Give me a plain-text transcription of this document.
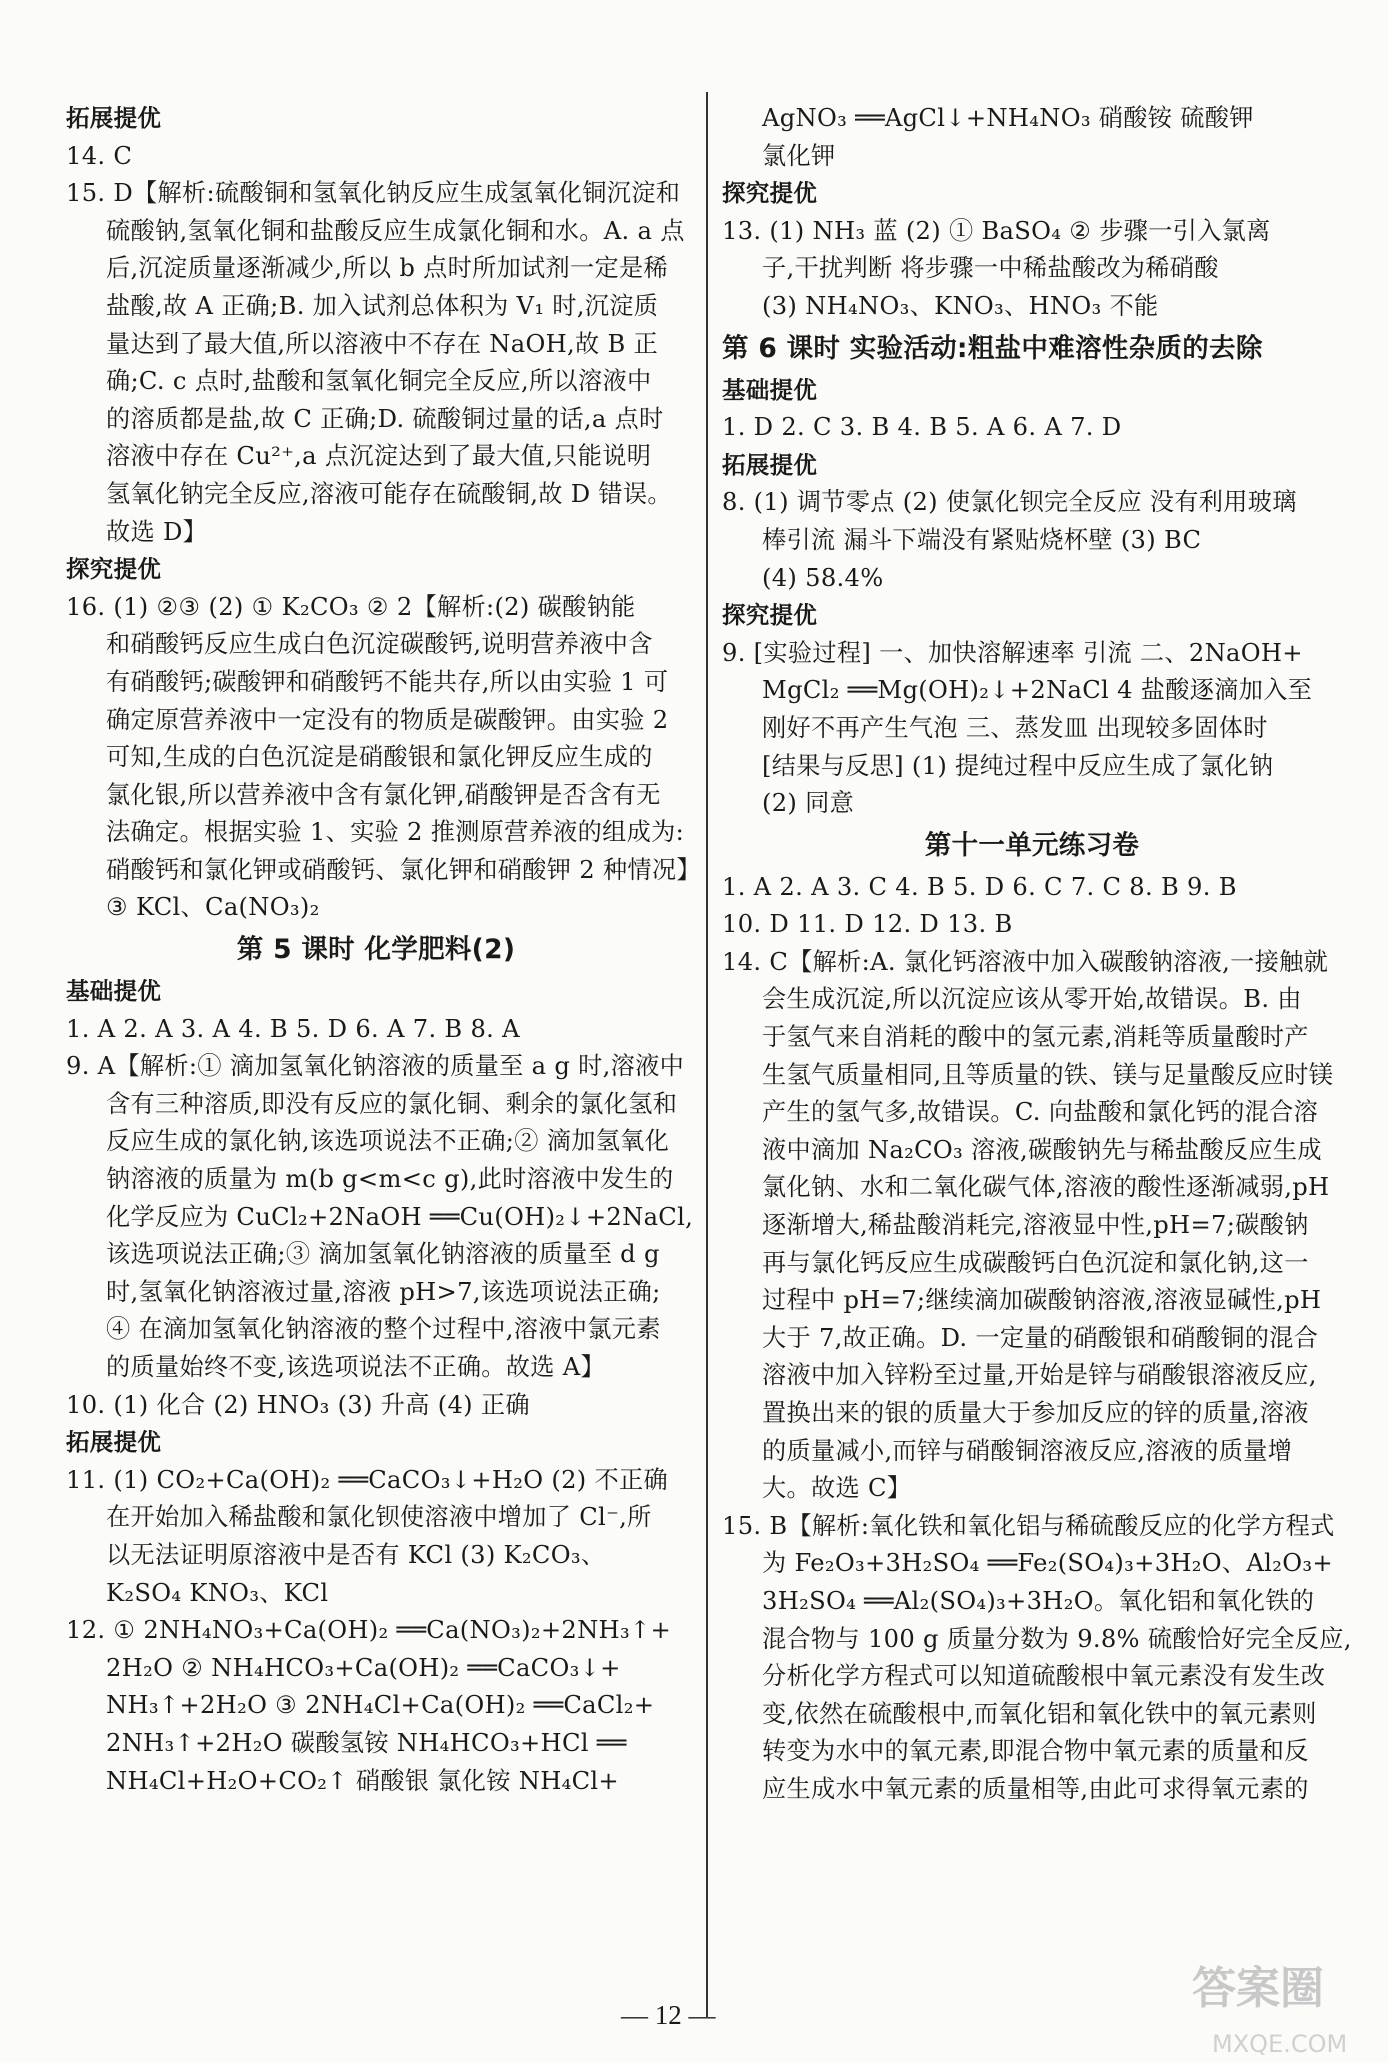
拓展提优
14. C
15. D【解析:硫酸铜和氢氧化钠反应生成氢氧化铜沉淀和
硫酸钠,氢氧化铜和盐酸反应生成氯化铜和水。A. a 点
后,沉淀质量逐渐减少,所以 b 点时所加试剂一定是稀
盐酸,故 A 正确;B. 加入试剂总体积为 V₁ 时,沉淀质
量达到了最大值,所以溶液中不存在 NaOH,故 B 正
确;C. c 点时,盐酸和氢氧化铜完全反应,所以溶液中
的溶质都是盐,故 C 正确;D. 硫酸铜过量的话,a 点时
溶液中存在 Cu²⁺,a 点沉淀达到了最大值,只能说明
氢氧化钠完全反应,溶液可能存在硫酸铜,故 D 错误。
故选 D】
探究提优
16. (1) ②③ (2) ① K₂CO₃ ② 2【解析:(2) 碳酸钠能
和硝酸钙反应生成白色沉淀碳酸钙,说明营养液中含
有硝酸钙;碳酸钾和硝酸钙不能共存,所以由实验 1 可
确定原营养液中一定没有的物质是碳酸钾。由实验 2
可知,生成的白色沉淀是硝酸银和氯化钾反应生成的
氯化银,所以营养液中含有氯化钾,硝酸钾是否含有无
法确定。根据实验 1、实验 2 推测原营养液的组成为:
硝酸钙和氯化钾或硝酸钙、氯化钾和硝酸钾 2 种情况】
③ KCl、Ca(NO₃)₂
第 5 课时 化学肥料(2)
基础提优
1. A 2. A 3. A 4. B 5. D 6. A 7. B 8. A
9. A【解析:① 滴加氢氧化钠溶液的质量至 a g 时,溶液中
含有三种溶质,即没有反应的氯化铜、剩余的氯化氢和
反应生成的氯化钠,该选项说法不正确;② 滴加氢氧化
钠溶液的质量为 m(b g<m<c g),此时溶液中发生的
化学反应为 CuCl₂+2NaOH ══Cu(OH)₂↓+2NaCl,
该选项说法正确;③ 滴加氢氧化钠溶液的质量至 d g
时,氢氧化钠溶液过量,溶液 pH>7,该选项说法正确;
④ 在滴加氢氧化钠溶液的整个过程中,溶液中氯元素
的质量始终不变,该选项说法不正确。故选 A】
10. (1) 化合 (2) HNO₃ (3) 升高 (4) 正确
拓展提优
11. (1) CO₂+Ca(OH)₂ ══CaCO₃↓+H₂O (2) 不正确
在开始加入稀盐酸和氯化钡使溶液中增加了 Cl⁻,所
以无法证明原溶液中是否有 KCl (3) K₂CO₃、
K₂SO₄ KNO₃、KCl
12. ① 2NH₄NO₃+Ca(OH)₂ ══Ca(NO₃)₂+2NH₃↑+
2H₂O ② NH₄HCO₃+Ca(OH)₂ ══CaCO₃↓+
NH₃↑+2H₂O ③ 2NH₄Cl+Ca(OH)₂ ══CaCl₂+
2NH₃↑+2H₂O 碳酸氢铵 NH₄HCO₃+HCl ══
NH₄Cl+H₂O+CO₂↑ 硝酸银 氯化铵 NH₄Cl+
AgNO₃ ══AgCl↓+NH₄NO₃ 硝酸铵 硫酸钾
氯化钾
探究提优
13. (1) NH₃ 蓝 (2) ① BaSO₄ ② 步骤一引入氯离
子,干扰判断 将步骤一中稀盐酸改为稀硝酸
(3) NH₄NO₃、KNO₃、HNO₃ 不能
第 6 课时 实验活动:粗盐中难溶性杂质的去除
基础提优
1. D 2. C 3. B 4. B 5. A 6. A 7. D
拓展提优
8. (1) 调节零点 (2) 使氯化钡完全反应 没有利用玻璃
棒引流 漏斗下端没有紧贴烧杯壁 (3) BC
(4) 58.4%
探究提优
9. [实验过程] 一、加快溶解速率 引流 二、2NaOH+
MgCl₂ ══Mg(OH)₂↓+2NaCl 4 盐酸逐滴加入至
刚好不再产生气泡 三、蒸发皿 出现较多固体时
[结果与反思] (1) 提纯过程中反应生成了氯化钠
(2) 同意
第十一单元练习卷
1. A 2. A 3. C 4. B 5. D 6. C 7. C 8. B 9. B
10. D 11. D 12. D 13. B
14. C【解析:A. 氯化钙溶液中加入碳酸钠溶液,一接触就
会生成沉淀,所以沉淀应该从零开始,故错误。B. 由
于氢气来自消耗的酸中的氢元素,消耗等质量酸时产
生氢气质量相同,且等质量的铁、镁与足量酸反应时镁
产生的氢气多,故错误。C. 向盐酸和氯化钙的混合溶
液中滴加 Na₂CO₃ 溶液,碳酸钠先与稀盐酸反应生成
氯化钠、水和二氧化碳气体,溶液的酸性逐渐减弱,pH
逐渐增大,稀盐酸消耗完,溶液显中性,pH=7;碳酸钠
再与氯化钙反应生成碳酸钙白色沉淀和氯化钠,这一
过程中 pH=7;继续滴加碳酸钠溶液,溶液显碱性,pH
大于 7,故正确。D. 一定量的硝酸银和硝酸铜的混合
溶液中加入锌粉至过量,开始是锌与硝酸银溶液反应,
置换出来的银的质量大于参加反应的锌的质量,溶液
的质量减小,而锌与硝酸铜溶液反应,溶液的质量增
大。故选 C】
15. B【解析:氧化铁和氧化铝与稀硫酸反应的化学方程式
为 Fe₂O₃+3H₂SO₄ ══Fe₂(SO₄)₃+3H₂O、Al₂O₃+
3H₂SO₄ ══Al₂(SO₄)₃+3H₂O。氧化铝和氧化铁的
混合物与 100 g 质量分数为 9.8% 硫酸恰好完全反应,
分析化学方程式可以知道硫酸根中氧元素没有发生改
变,依然在硫酸根中,而氧化铝和氧化铁中的氧元素则
转变为水中的氧元素,即混合物中氧元素的质量和反
应生成水中氧元素的质量相等,由此可求得氧元素的
— 12 —
答案圈
MXQE.COM
